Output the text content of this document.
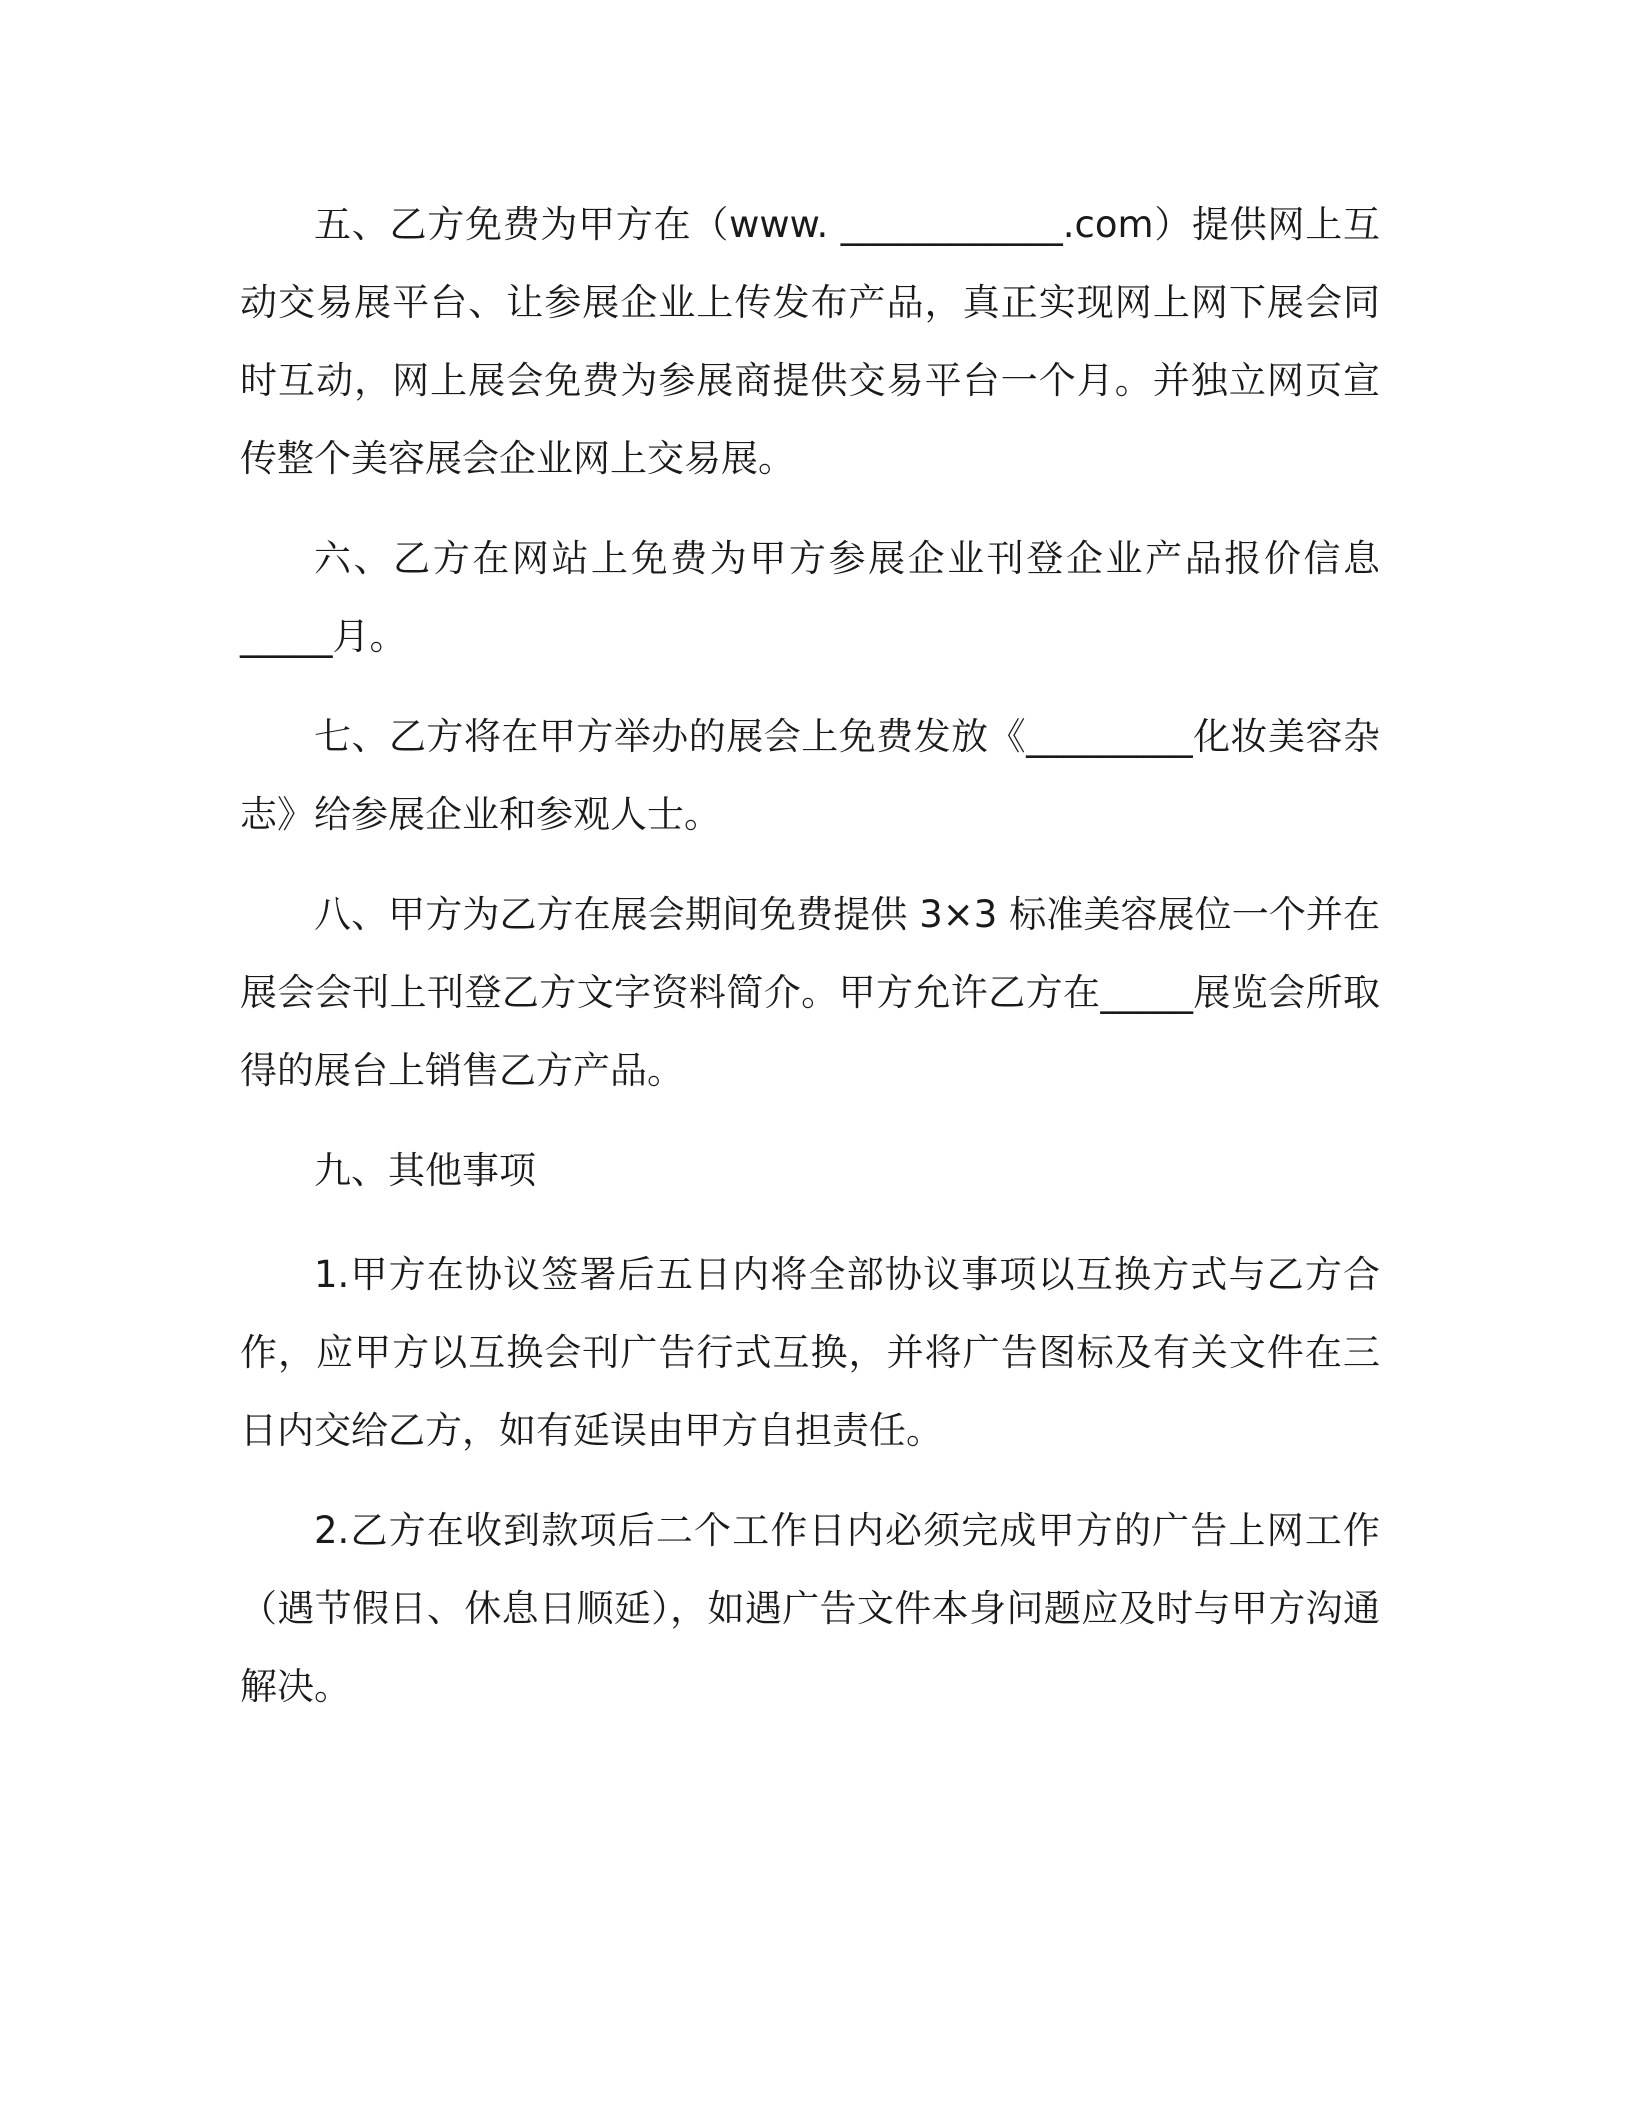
五、乙方免费为甲方在（www. ____________.com）提供网上互动交易展平台、让参展企业上传发布产品，真正实现网上网下展会同时互动，网上展会免费为参展商提供交易平台一个月。并独立网页宣传整个美容展会企业网上交易展。

六、乙方在网站上免费为甲方参展企业刊登企业产品报价信息_____月。

七、乙方将在甲方举办的展会上免费发放《_________化妆美容杂志》给参展企业和参观人士。

八、甲方为乙方在展会期间免费提供 3×3 标准美容展位一个并在展会会刊上刊登乙方文字资料简介。甲方允许乙方在_____展览会所取得的展台上销售乙方产品。

九、其他事项

1.甲方在协议签署后五日内将全部协议事项以互换方式与乙方合作，应甲方以互换会刊广告行式互换，并将广告图标及有关文件在三日内交给乙方，如有延误由甲方自担责任。

2.乙方在收到款项后二个工作日内必须完成甲方的广告上网工作（遇节假日、休息日顺延），如遇广告文件本身问题应及时与甲方沟通解决。
